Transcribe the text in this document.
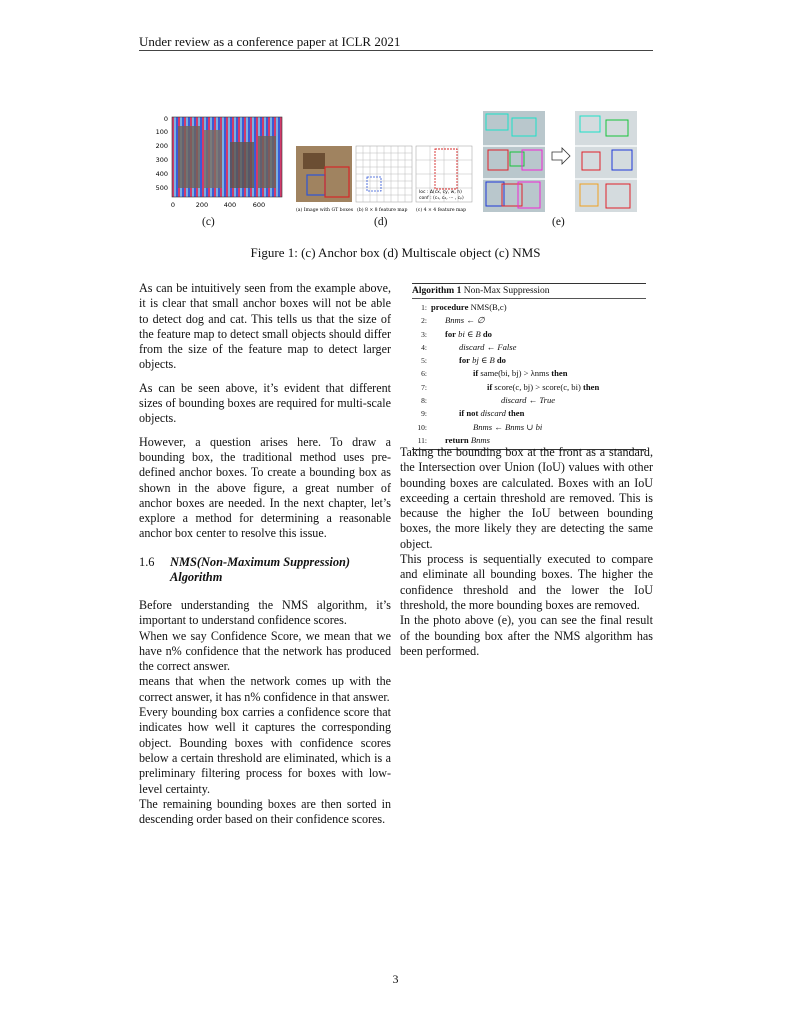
Under review as a conference paper at ICLR 2021
0
100
200
300
400
500
0	200 400	600
(c)
loc : Δ(cx, cy, w, h)
conf : (c₁, c₂, ··· , cₚ)
(a) Image with GT boxes (b) 8 × 8 feature map (c) 4 × 4 feature map
(d)	(e)
Figure 1: (c) Anchor box (d) Multiscale object (c) NMS

As can be intuitively seen from the example above, it is clear that small anchor boxes will not be able to detect dog and cat. This tells us that the size of the feature map to detect small objects should differ from the size of the feature map to detect larger objects.

As can be seen above, it’s evident that different sizes of bounding boxes are required for multi-scale objects.

However, a question arises here. To draw a bounding box, the traditional method uses pre-defined anchor boxes. To create a bounding box as shown in the above figure, a great number of anchor boxes are needed. In the next chapter, let’s explore a method for determining a reasonable anchor box center to resolve this issue.

1.6 NMS(Non-Maximum Suppression)
Algorithm

Before understanding the NMS algorithm, it’s important to understand confidence scores.

When we say Confidence Score, we mean that we have n% confidence that the network has produced the correct answer.

means that when the network comes up with the correct answer, it has n% confidence in that answer.

Every bounding box carries a confidence score that indicates how well it captures the corresponding object. Bounding boxes with confidence scores below a certain threshold are eliminated, which is a preliminary filtering process for boxes with low-level certainty.

The remaining bounding boxes are then sorted in descending order based on their confidence scores.

Algorithm 1 Non-Max Suppression
1: procedure NMS(B,c)
2: Bnms ← ∅
3: for bi ∈ B do
4:	discard ← False
5:	for bj ∈ B do
6:	if same(bi, bj) > λnms then
7:	if score(c, bj) > score(c, bi) then
8:	discard ← True
9:	if not discard then
10:	Bnms ← Bnms ∪ bi
11: return Bnms

Taking the bounding box at the front as a standard, the Intersection over Union (IoU) values with other bounding boxes are calculated. Boxes with an IoU exceeding a certain threshold are removed. This is because the higher the IoU between bounding boxes, the more likely they are detecting the same object.

This process is sequentially executed to compare and eliminate all bounding boxes. The higher the confidence threshold and the lower the IoU threshold, the more bounding boxes are removed.

In the photo above (e), you can see the final result of the bounding box after the NMS algorithm has been performed.

3
